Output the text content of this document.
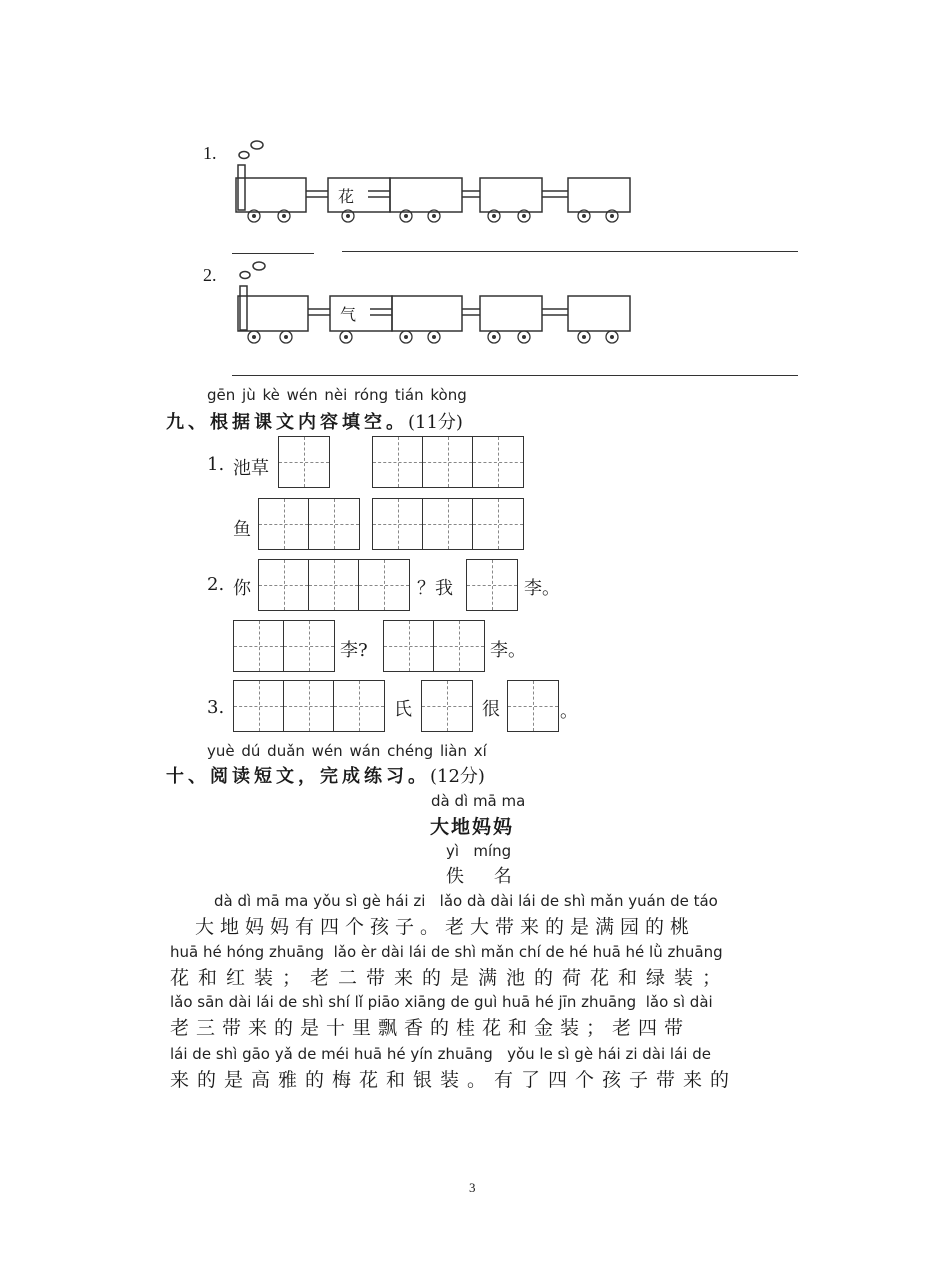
1.
花
2.
气
gēn jù kè wén nèi róng tián kòng
九、根据课文内容填空。(11分)
1. 池草
鱼
2. 你	？我	李。
李?	李。
3.	氏	很	。
yuè dú duǎn wén wán chéng liàn xí
十、阅读短文，完成练习。(12分)
dà dì mā ma
大地妈妈
yì   míng
佚 名
dà dì mā ma yǒu sì gè hái zi   lǎo dà dài lái de shì mǎn yuán de táo
　大地妈妈有四个孩子。老大带来的是满园的桃
huā hé hóng zhuāng  lǎo èr dài lái de shì mǎn chí de hé huā hé lǜ zhuāng
花和红装；老二带来的是满池的荷花和绿装；
lǎo sān dài lái de shì shí lǐ piāo xiāng de guì huā hé jīn zhuāng  lǎo sì dài
老三带来的是十里飘香的桂花和金装；老四带
lái de shì gāo yǎ de méi huā hé yín zhuāng   yǒu le sì gè hái zi dài lái de
来的是高雅的梅花和银装。有了四个孩子带来的
3
